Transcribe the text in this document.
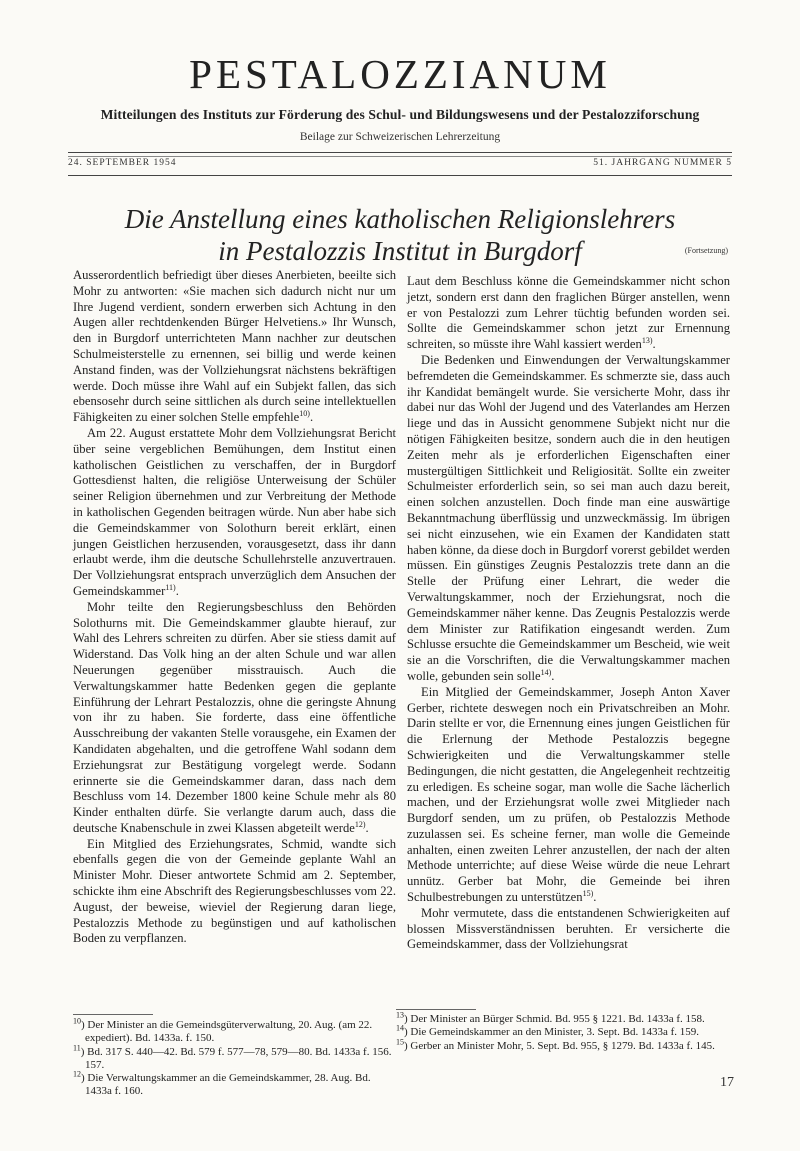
PESTALOZZIANUM
Mitteilungen des Instituts zur Förderung des Schul- und Bildungswesens und der Pestalozziforschung
Beilage zur Schweizerischen Lehrerzeitung
24. SEPTEMBER 1954	51. JAHRGANG NUMMER 5
Die Anstellung eines katholischen Religionslehrers
in Pestalozzis Institut in Burgdorf	(Fortsetzung)

Ausserordentlich befriedigt über dieses Anerbieten, beeilte sich Mohr zu antworten: «Sie machen sich dadurch nicht nur um Ihre Jugend verdient, sondern erwerben sich Achtung in den Augen aller rechtdenkenden Bürger Helvetiens.» Ihr Wunsch, den in Burgdorf unterrichteten Mann nachher zur deutschen Schulmeisterstelle zu ernennen, sei billig und werde keinen Anstand finden, was der Vollziehungsrat nächstens bekräftigen werde. Doch müsse ihre Wahl auf ein Subjekt fallen, das sich ebensosehr durch seine sittlichen als durch seine intellektuellen Fähigkeiten zu einer solchen Stelle empfehle$^{10)}$.

Am 22. August erstattete Mohr dem Vollziehungsrat Bericht über seine vergeblichen Bemühungen, dem Institut einen katholischen Geistlichen zu verschaffen, der in Burgdorf Gottesdienst halten, die religiöse Unterweisung der Schüler seiner Religion übernehmen und zur Verbreitung der Methode in katholischen Gegenden beitragen würde. Nun aber habe sich die Gemeindskammer von Solothurn bereit erklärt, einen jungen Geistlichen herzusenden, vorausgesetzt, dass ihr dann erlaubt werde, ihm die deutsche Schullehrstelle anzuvertrauen. Der Vollziehungsrat entsprach unverzüglich dem Ansuchen der Gemeindskammer$^{11)}$.

Mohr teilte den Regierungsbeschluss den Behörden Solothurns mit. Die Gemeindskammer glaubte hierauf, zur Wahl des Lehrers schreiten zu dürfen. Aber sie stiess damit auf Widerstand. Das Volk hing an der alten Schule und war allen Neuerungen gegenüber misstrauisch. Auch die Verwaltungskammer hatte Bedenken gegen die geplante Einführung der Lehrart Pestalozzis, ohne die geringste Ahnung von ihr zu haben. Sie forderte, dass eine öffentliche Ausschreibung der vakanten Stelle vorausgehe, ein Examen der Kandidaten abgehalten, und die getroffene Wahl sodann dem Erziehungsrat zur Bestätigung vorgelegt werde. Sodann erinnerte sie die Gemeindskammer daran, dass nach dem Beschluss vom 14. Dezember 1800 keine Schule mehr als 80 Kinder enthalten dürfe. Sie verlangte darum auch, dass die deutsche Knabenschule in zwei Klassen abgeteilt werde$^{12)}$.

Ein Mitglied des Erziehungsrates, Schmid, wandte sich ebenfalls gegen die von der Gemeinde geplante Wahl an Minister Mohr. Dieser antwortete Schmid am 2. September, schickte ihm eine Abschrift des Regierungsbeschlusses vom 22. August, der beweise, wieviel der Regierung daran liege, Pestalozzis Methode zu begünstigen und auf katholischen Boden zu verpflanzen.

Laut dem Beschluss könne die Gemeindskammer nicht schon jetzt, sondern erst dann den fraglichen Bürger anstellen, wenn er von Pestalozzi zum Lehrer tüchtig befunden worden sei. Sollte die Gemeindskammer schon jetzt zur Ernennung schreiten, so müsste ihre Wahl kassiert werden$^{13)}$.

Die Bedenken und Einwendungen der Verwaltungskammer befremdeten die Gemeindskammer. Es schmerzte sie, dass auch ihr Kandidat bemängelt wurde. Sie versicherte Mohr, dass ihr dabei nur das Wohl der Jugend und des Vaterlandes am Herzen liege und das in Aussicht genommene Subjekt nicht nur die nötigen Fähigkeiten besitze, sondern auch die in den heutigen Zeiten mehr als je erforderlichen Eigenschaften einer mustergültigen Sittlichkeit und Religiosität. Sollte ein zweiter Schulmeister erforderlich sein, so sei man auch dazu bereit, einen solchen anzustellen. Doch finde man eine auswärtige Bekanntmachung überflüssig und unzweckmässig. Im übrigen sei nicht einzusehen, wie ein Examen der Kandidaten statt haben könne, da diese doch in Burgdorf vorerst gebildet werden müssen. Ein günstiges Zeugnis Pestalozzis trete dann an die Stelle der Prüfung einer Lehrart, die weder die Verwaltungskammer, noch der Erziehungsrat, noch die Gemeindskammer näher kenne. Das Zeugnis Pestalozzis werde dem Minister zur Ratifikation eingesandt werden. Zum Schlusse ersuchte die Gemeindskammer um Bescheid, wie weit sie an die Vorschriften, die die Verwaltungskammer machen wolle, gebunden sein solle$^{14)}$.

Ein Mitglied der Gemeindskammer, Joseph Anton Xaver Gerber, richtete deswegen noch ein Privatschreiben an Mohr. Darin stellte er vor, die Ernennung eines jungen Geistlichen für die Erlernung der Methode Pestalozzis begegne Schwierigkeiten und die Verwaltungskammer stelle Bedingungen, die nicht gestatten, die Angelegenheit rechtzeitig zu erledigen. Es scheine sogar, man wolle die Sache lächerlich machen, und der Erziehungsrat wolle zwei Mitglieder nach Burgdorf senden, um zu prüfen, ob Pestalozzis Methode zuzulassen sei. Es scheine ferner, man wolle die Gemeinde anhalten, einen zweiten Lehrer anzustellen, der nach der alten Methode unterrichte; auf diese Weise würde die neue Lehrart unnütz. Gerber bat Mohr, die Gemeinde bei ihren Schulbestrebungen zu unterstützen$^{15)}$.

Mohr vermutete, dass die entstandenen Schwierigkeiten auf blossen Missverständnissen beruhten. Er versicherte die Gemeindskammer, dass der Vollziehungsrat

$^{10}$) Der Minister an die Gemeindsgüterverwaltung, 20. Aug. (am 22. expediert). Bd. 1433a. f. 150.
$^{11}$) Bd. 317 S. 440—42. Bd. 579 f. 577—78, 579—80. Bd. 1433a f. 156. 157.
$^{12}$) Die Verwaltungskammer an die Gemeindskammer, 28. Aug. Bd. 1433a f. 160.
$^{13}$) Der Minister an Bürger Schmid. Bd. 955 § 1221. Bd. 1433a f. 158.
$^{14}$) Die Gemeindskammer an den Minister, 3. Sept. Bd. 1433a f. 159.
$^{15}$) Gerber an Minister Mohr, 5. Sept. Bd. 955, § 1279. Bd. 1433a f. 145.
17
